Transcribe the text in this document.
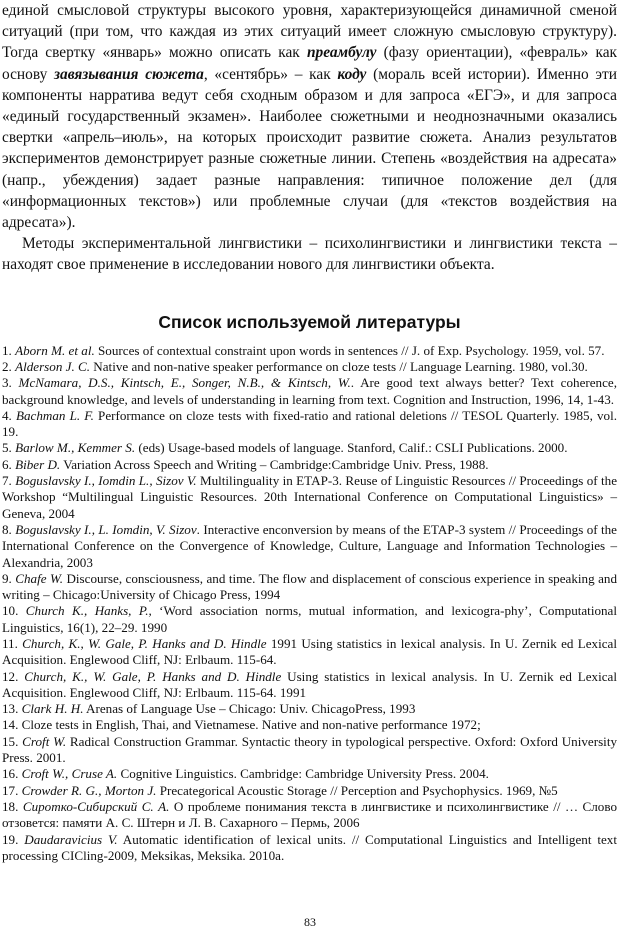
единой смысловой структуры высокого уровня, характеризующейся динамичной сменой ситуаций (при том, что каждая из этих ситуаций имеет сложную смысловую структуру). Тогда свертку «январь» можно описать как преамбулу (фазу ориентации), «февраль» как основу завязывания сюжета, «сентябрь» – как коду (мораль всей истории). Именно эти компоненты нарратива ведут себя сходным образом и для запроса «ЕГЭ», и для запроса «единый государственный экзамен». Наиболее сюжетными и неоднозначными оказались свертки «апрель–июль», на которых происходит развитие сюжета. Анализ результатов экспериментов демонстрирует разные сюжетные линии. Степень «воздействия на адресата» (напр., убеждения) задает разные направления: типичное положение дел (для «информационных текстов») или проблемные случаи (для «текстов воздействия на адресата»).

Методы экспериментальной лингвистики – психолингвистики и лингвистики текста – находят свое применение в исследовании нового для лингвистики объекта.

Список используемой литературы
1. Aborn M. et al. Sources of contextual constraint upon words in sentences // J. of Exp. Psychology. 1959, vol. 57.
2. Alderson J. C. Native and non-native speaker performance on cloze tests // Language Learning. 1980, vol.30.
3. McNamara, D.S., Kintsch, E., Songer, N.B., & Kintsch, W.. Are good text always better? Text coherence, background knowledge, and levels of understanding in learning from text. Cognition and Instruction, 1996, 14, 1-43.
4. Bachman L. F. Performance on cloze tests with fixed-ratio and rational deletions // TESOL Quarterly. 1985, vol. 19.
5. Barlow M., Kemmer S. (eds) Usage-based models of language. Stanford, Calif.: CSLI Publications. 2000.
6. Biber D. Variation Across Speech and Writing – Cambridge:Cambridge Univ. Press, 1988.
7. Boguslavsky I., Iomdin L., Sizov V. Multilinguality in ETAP-3. Reuse of Linguistic Resources // Proceedings of the Workshop “Multilingual Linguistic Resources. 20th International Conference on Computational Linguistics» – Geneva, 2004
8. Boguslavsky I., L. Iomdin, V. Sizov. Interactive enconversion by means of the ETAP-3 system // Proceedings of the International Conference on the Convergence of Knowledge, Culture, Language and Information Technologies – Alexandria, 2003
9. Chafe W. Discourse, consciousness, and time. The flow and displacement of conscious experience in speaking and writing – Chicago:University of Chicago Press, 1994
10. Church K., Hanks, P., ‘Word association norms, mutual information, and lexicogra-phy’, Computational Linguistics, 16(1), 22–29. 1990
11. Church, K., W. Gale, P. Hanks and D. Hindle 1991 Using statistics in lexical analysis. In U. Zernik ed Lexical Acquisition. Englewood Cliff, NJ: Erlbaum. 115-64.
12. Church, K., W. Gale, P. Hanks and D. Hindle Using statistics in lexical analysis. In U. Zernik ed Lexical Acquisition. Englewood Cliff, NJ: Erlbaum. 115-64. 1991
13. Clark H. H. Arenas of Language Use – Chicago: Univ. ChicagoPress, 1993
14. Cloze tests in English, Thai, and Vietnamese. Native and non-native performance 1972;
15. Croft W. Radical Construction Grammar. Syntactic theory in typological perspective. Oxford: Oxford University Press. 2001.
16. Croft W., Cruse A. Cognitive Linguistics. Cambridge: Cambridge University Press. 2004.
17. Crowder R. G., Morton J. Precategorical Acoustic Storage // Perception and Psychophysics. 1969, №5
18. Сиротко-Сибирский С. А. О проблеме понимания текста в лингвистике и психолингвистике // … Слово отзовется: памяти А. С. Штерн и Л. В. Сахарного – Пермь, 2006
19. Daudaravicius V. Automatic identification of lexical units. // Computational Linguistics and Intelligent text processing CICling-2009, Meksikas, Meksika. 2010a.
83
